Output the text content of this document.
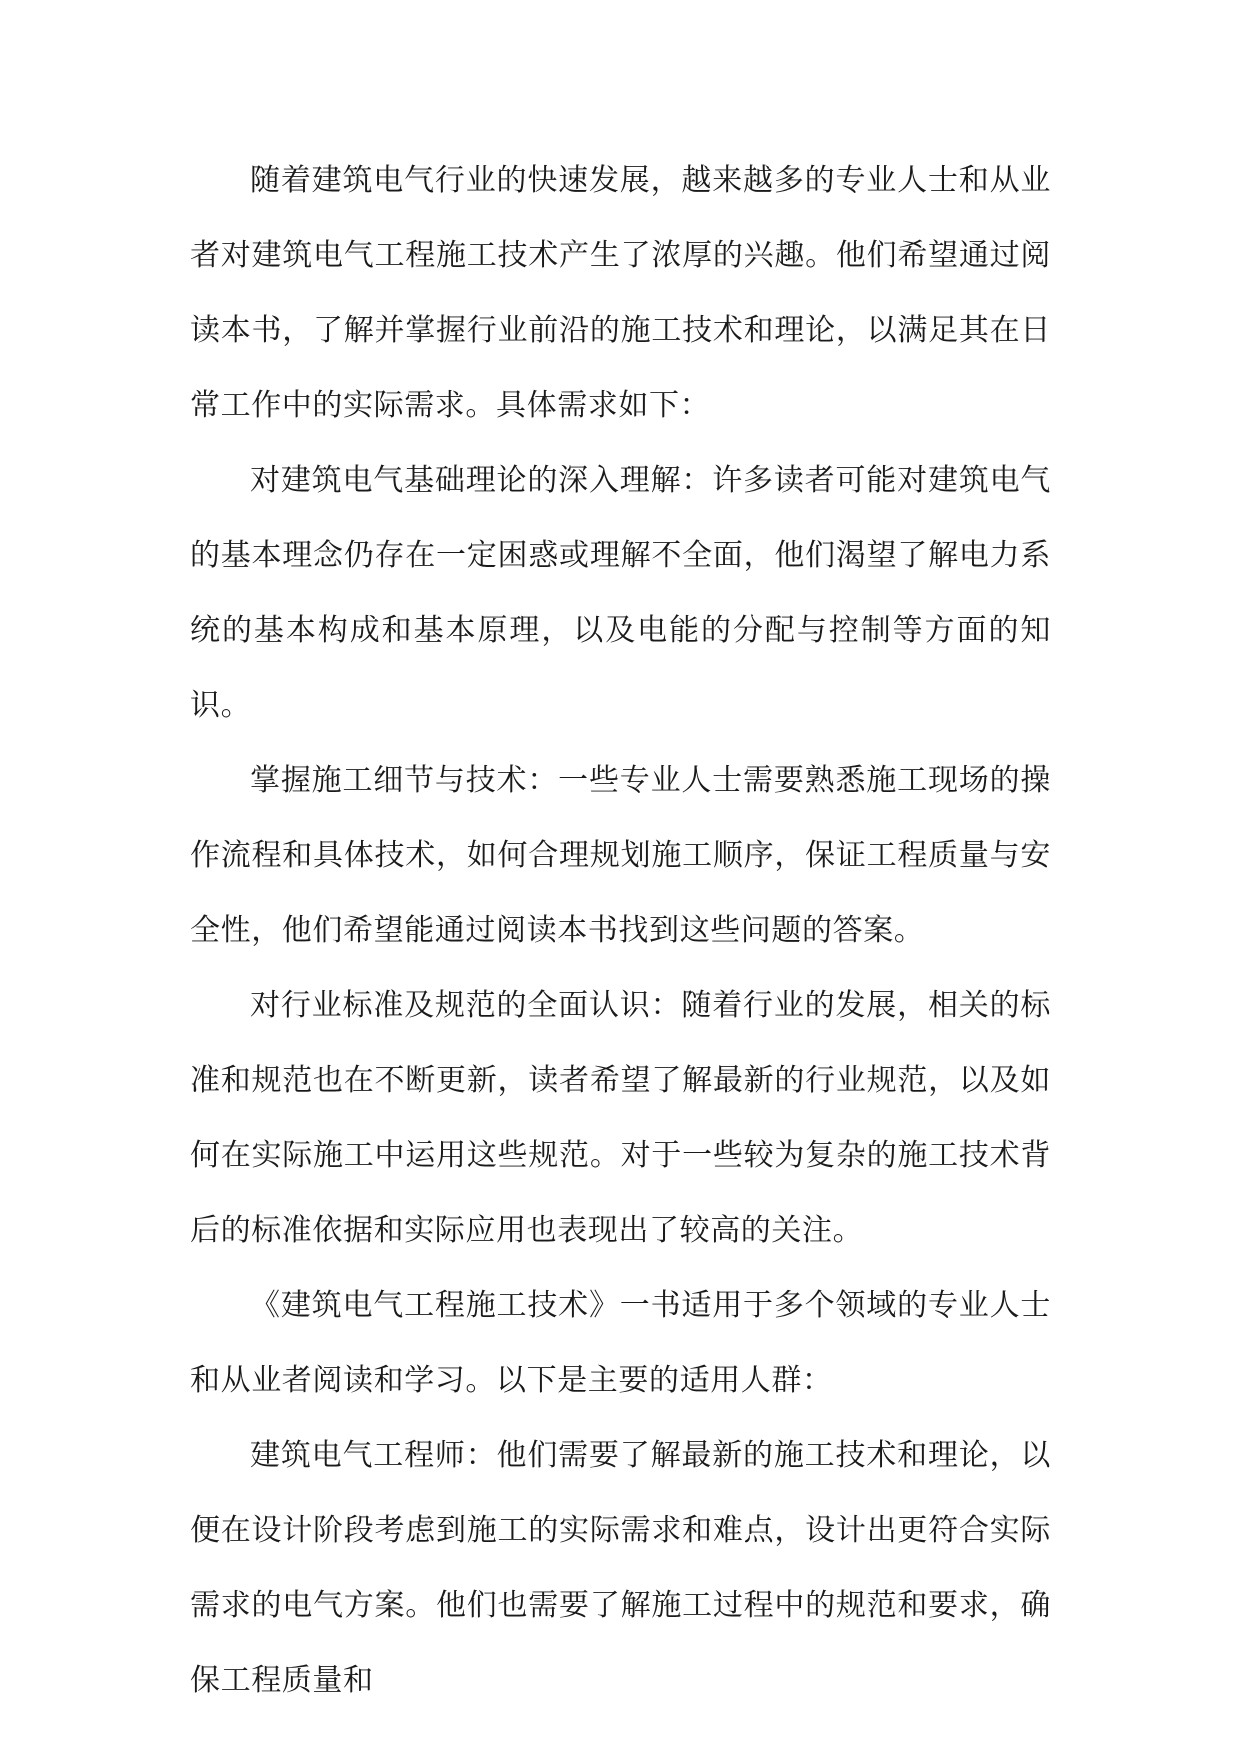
随着建筑电气行业的快速发展，越来越多的专业人士和从业者对建筑电气工程施工技术产生了浓厚的兴趣。他们希望通过阅读本书，了解并掌握行业前沿的施工技术和理论，以满足其在日常工作中的实际需求。具体需求如下：

对建筑电气基础理论的深入理解：许多读者可能对建筑电气的基本理念仍存在一定困惑或理解不全面，他们渴望了解电力系统的基本构成和基本原理，以及电能的分配与控制等方面的知识。

掌握施工细节与技术：一些专业人士需要熟悉施工现场的操作流程和具体技术，如何合理规划施工顺序，保证工程质量与安全性，他们希望能通过阅读本书找到这些问题的答案。

对行业标准及规范的全面认识：随着行业的发展，相关的标准和规范也在不断更新，读者希望了解最新的行业规范，以及如何在实际施工中运用这些规范。对于一些较为复杂的施工技术背后的标准依据和实际应用也表现出了较高的关注。

《建筑电气工程施工技术》一书适用于多个领域的专业人士和从业者阅读和学习。以下是主要的适用人群：

建筑电气工程师：他们需要了解最新的施工技术和理论，以便在设计阶段考虑到施工的实际需求和难点，设计出更符合实际需求的电气方案。他们也需要了解施工过程中的规范和要求，确保工程质量和
